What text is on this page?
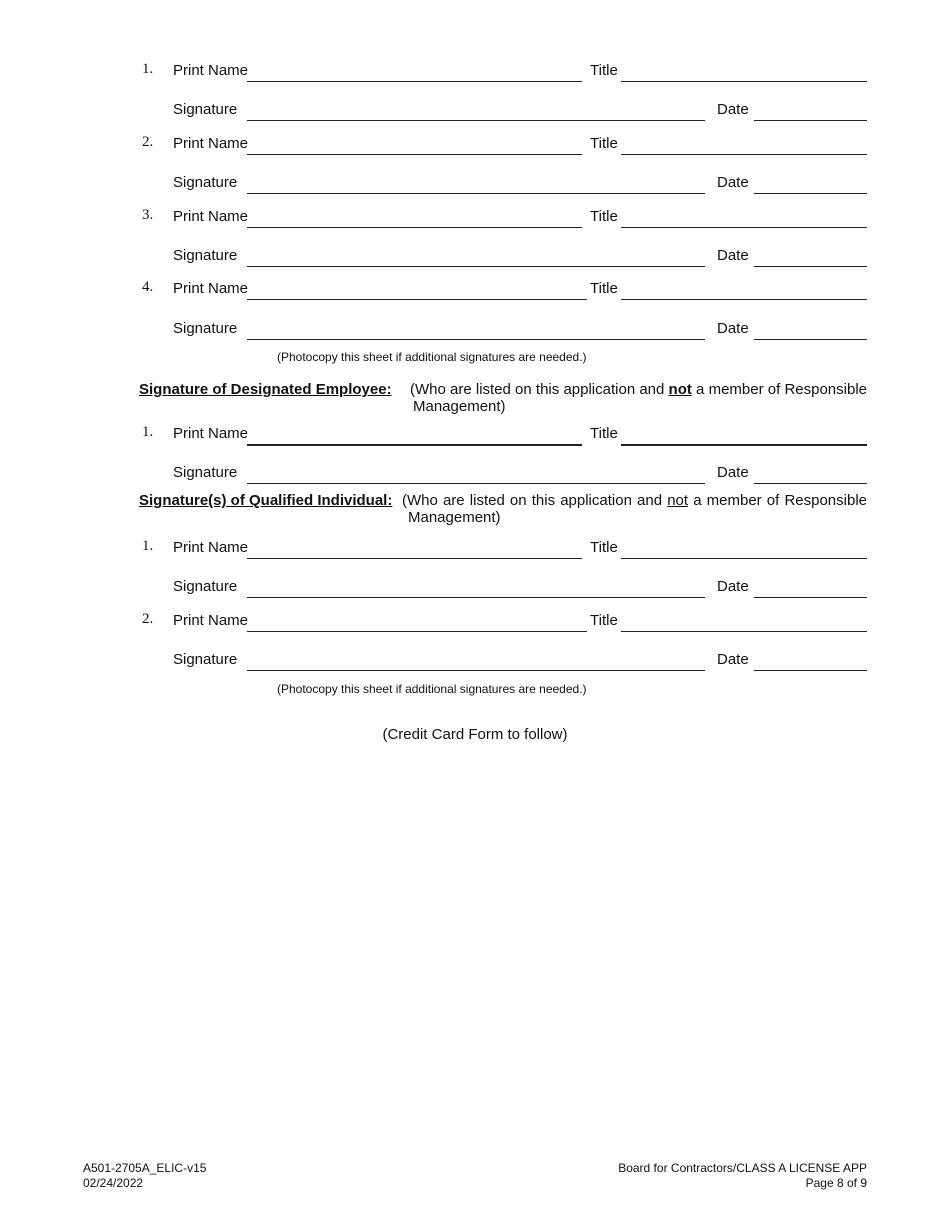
1. Print Name	Title
Signature	Date
2. Print Name	Title
Signature	Date
3. Print Name	Title
Signature	Date
4. Print Name	Title
Signature	Date
(Photocopy this sheet if additional signatures are needed.)
Signature of Designated Employee: (Who are listed on this application and not a member of Responsible
Management)
1. Print Name	Title
Signature	Date
Signature(s) of Qualified Individual: (Who are listed on this application and not a member of Responsible
Management)
1. Print Name	Title
Signature	Date
2. Print Name	Title
Signature	Date
(Photocopy this sheet if additional signatures are needed.)
(Credit Card Form to follow)
A501-2705A_ELIC-v15
02/24/2022
Board for Contractors/CLASS A LICENSE APP
Page 8 of 9
